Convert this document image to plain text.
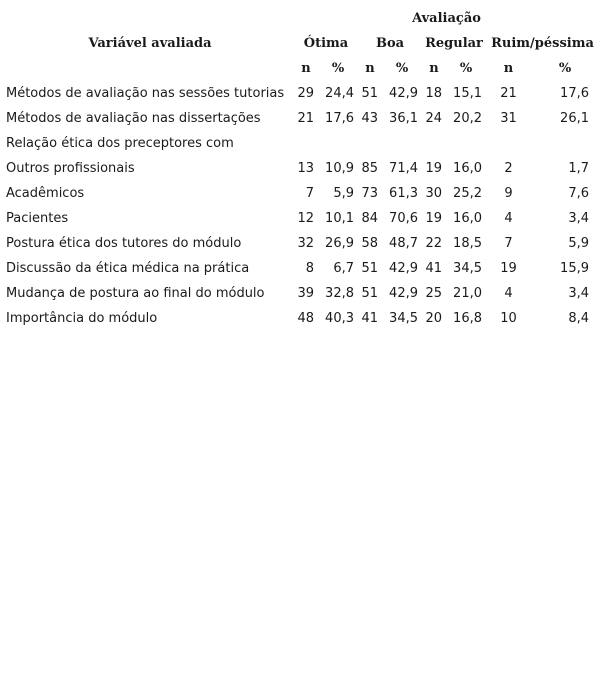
	Avaliação							
Variável avaliada	Ótima		Boa		Regular		Ruim/péssima	
	n	%	n	%	n	%	n	%
Métodos de avaliação nas sessões tutorias	29	24,4	51	42,9	18	15,1	21	17,6
Métodos de avaliação nas dissertações	21	17,6	43	36,1	24	20,2	31	26,1
Relação ética dos preceptores com								
Outros profissionais	13	10,9	85	71,4	19	16,0	2	1,7
Acadêmicos	7	5,9	73	61,3	30	25,2	9	7,6
Pacientes	12	10,1	84	70,6	19	16,0	4	3,4
Postura ética dos tutores do módulo	32	26,9	58	48,7	22	18,5	7	5,9
Discussão da ética médica na prática	8	6,7	51	42,9	41	34,5	19	15,9
Mudança de postura ao final do módulo	39	32,8	51	42,9	25	21,0	4	3,4
Importância do módulo	48	40,3	41	34,5	20	16,8	10	8,4
